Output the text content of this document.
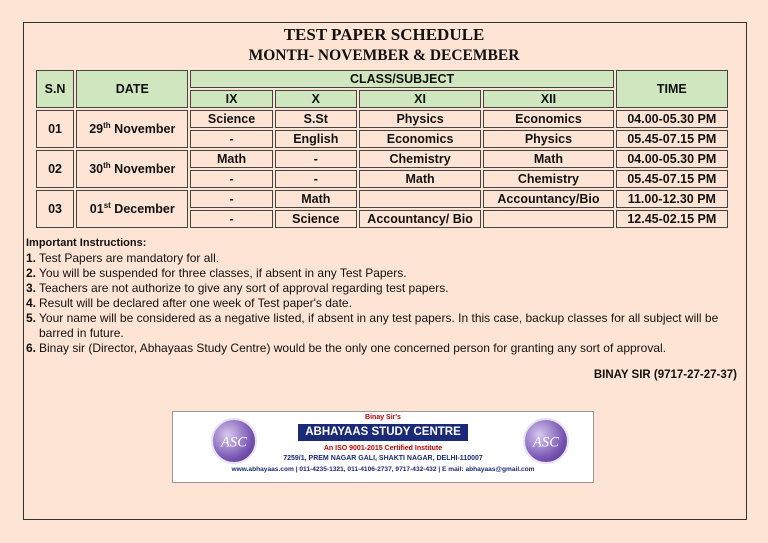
TEST PAPER SCHEDULE
MONTH- NOVEMBER & DECEMBER
S.N	DATE	CLASS/SUBJECT				TIME
		IX	X	XI	XII	
01	29th November	Science	S.St	Physics	Economics	04.00-05.30 PM
		-	English	Economics	Physics	05.45-07.15 PM
02	30th November	Math	-	Chemistry	Math	04.00-05.30 PM
		-	-	Math	Chemistry	05.45-07.15 PM
03	01st December	-	Math		Accountancy/Bio	11.00-12.30 PM
		-	Science	Accountancy/ Bio		12.45-02.15 PM
Important Instructions:
1. Test Papers are mandatory for all.
2. You will be suspended for three classes, if absent in any Test Papers.
3. Teachers are not authorize to give any sort of approval regarding test papers.
4. Result will be declared after one week of Test paper's date.
5. Your name will be considered as a negative listed, if absent in any test papers. In this case, backup classes for all subject will be barred in future.
6. Binay sir (Director, Abhayaas Study Centre) would be the only one concerned person for granting any sort of approval.
BINAY SIR (9717-27-27-37)
ASC
Binay Sir's
ABHAYAAS STUDY CENTRE
An ISO 9001-2015 Certified Institute
7259/1, PREM NAGAR GALI, SHAKTI NAGAR, DELHI-110007
www.abhayaas.com | 011-4235-1321, 011-4106-2737, 9717-432-432 | E mail: abhayaas@gmail.com
ASC
